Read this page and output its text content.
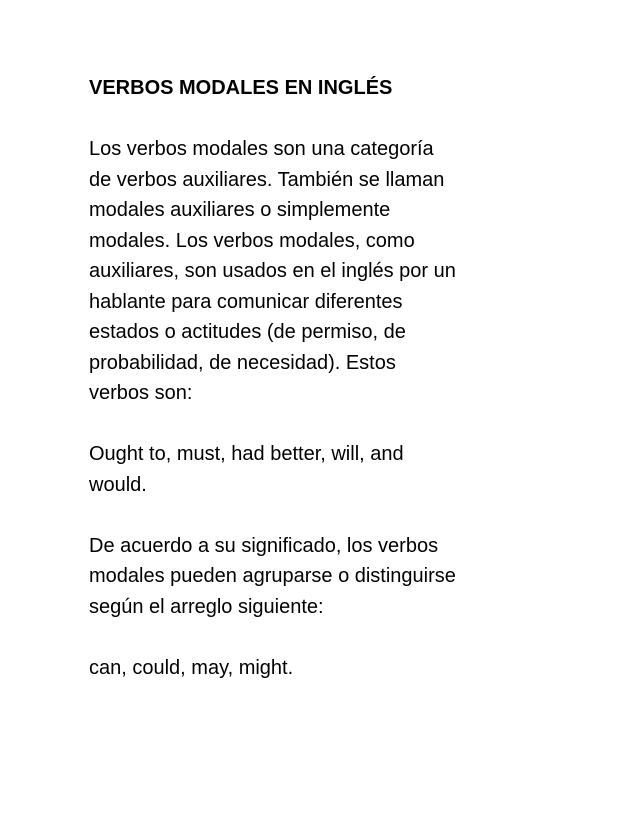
VERBOS MODALES EN INGLÉS
Los verbos modales son una categoría
de verbos auxiliares. También se llaman
modales auxiliares o simplemente
modales. Los verbos modales, como
auxiliares, son usados en el inglés por un
hablante para comunicar diferentes
estados o actitudes (de permiso, de
probabilidad, de necesidad). Estos
verbos son:
Ought to, must, had better, will, and
would.
De acuerdo a su significado, los verbos
modales pueden agruparse o distinguirse
según el arreglo siguiente:
can, could, may, might.
